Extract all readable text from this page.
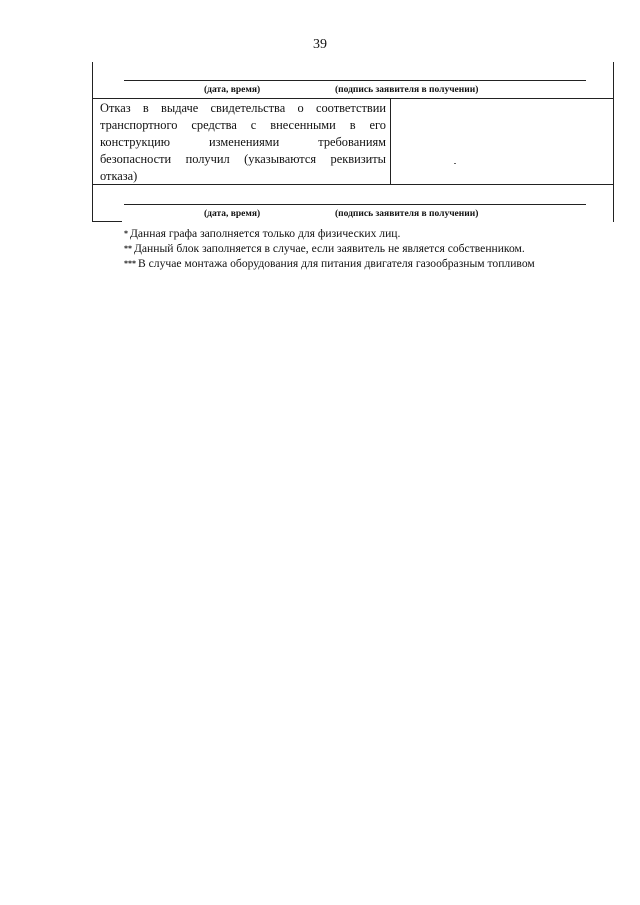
39
(дата, время)	(подпись заявителя в получении)
Отказ в выдаче свидетельства о соответствии
транспортного средства с внесенными в его
конструкцию изменениями требованиям
безопасности получил (указываются реквизиты
отказа)
(дата, время)	(подпись заявителя в получении)
* Данная графа заполняется только для физических лиц.
** Данный блок заполняется в случае, если заявитель не является собственником.
*** В случае монтажа оборудования для питания двигателя газообразным топливом
